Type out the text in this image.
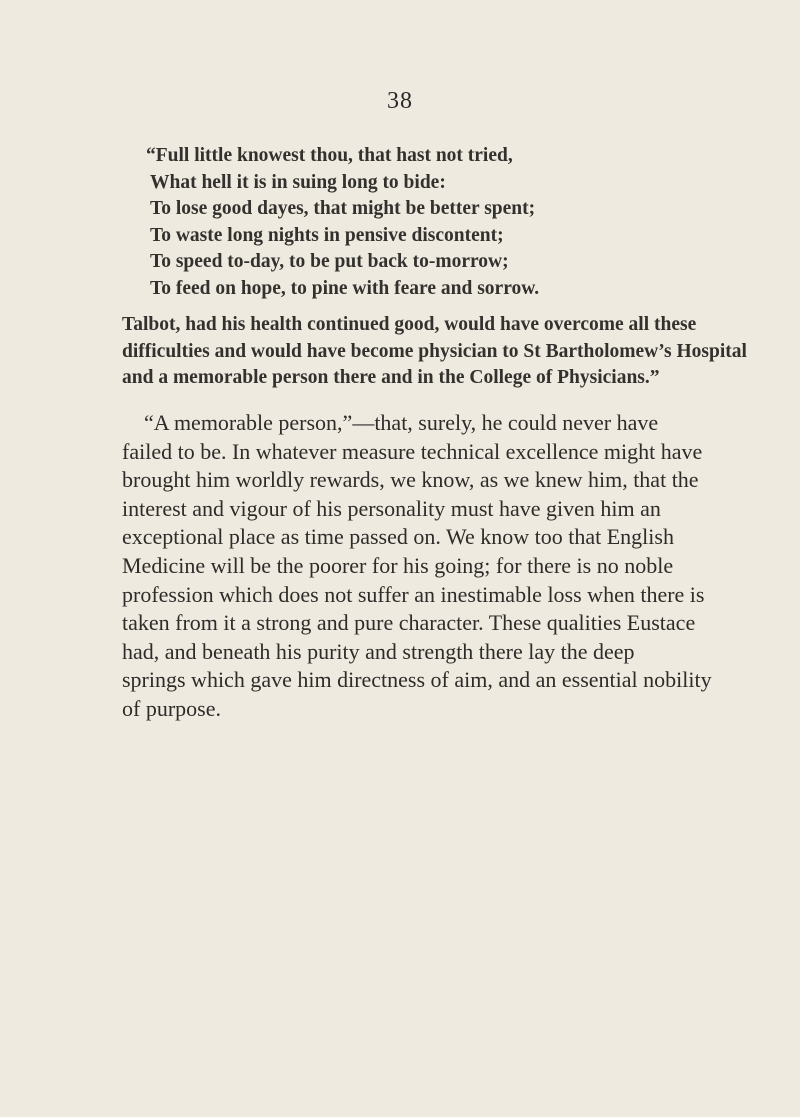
38
“Full little knowest thou, that hast not tried,
What hell it is in suing long to bide:
To lose good dayes, that might be better spent;
To waste long nights in pensive discontent;
To speed to-day, to be put back to-morrow;
To feed on hope, to pine with feare and sorrow.
Talbot, had his health continued good, would have overcome all these
difficulties and would have become physician to St Bartholomew’s Hospital
and a memorable person there and in the College of Physicians.”
“A memorable person,”—that, surely, he could never have
failed to be. In whatever measure technical excellence might have
brought him worldly rewards, we know, as we knew him, that the
interest and vigour of his personality must have given him an
exceptional place as time passed on. We know too that English
Medicine will be the poorer for his going; for there is no noble
profession which does not suffer an inestimable loss when there is
taken from it a strong and pure character. These qualities Eustace
had, and beneath his purity and strength there lay the deep
springs which gave him directness of aim, and an essential nobility
of purpose.
